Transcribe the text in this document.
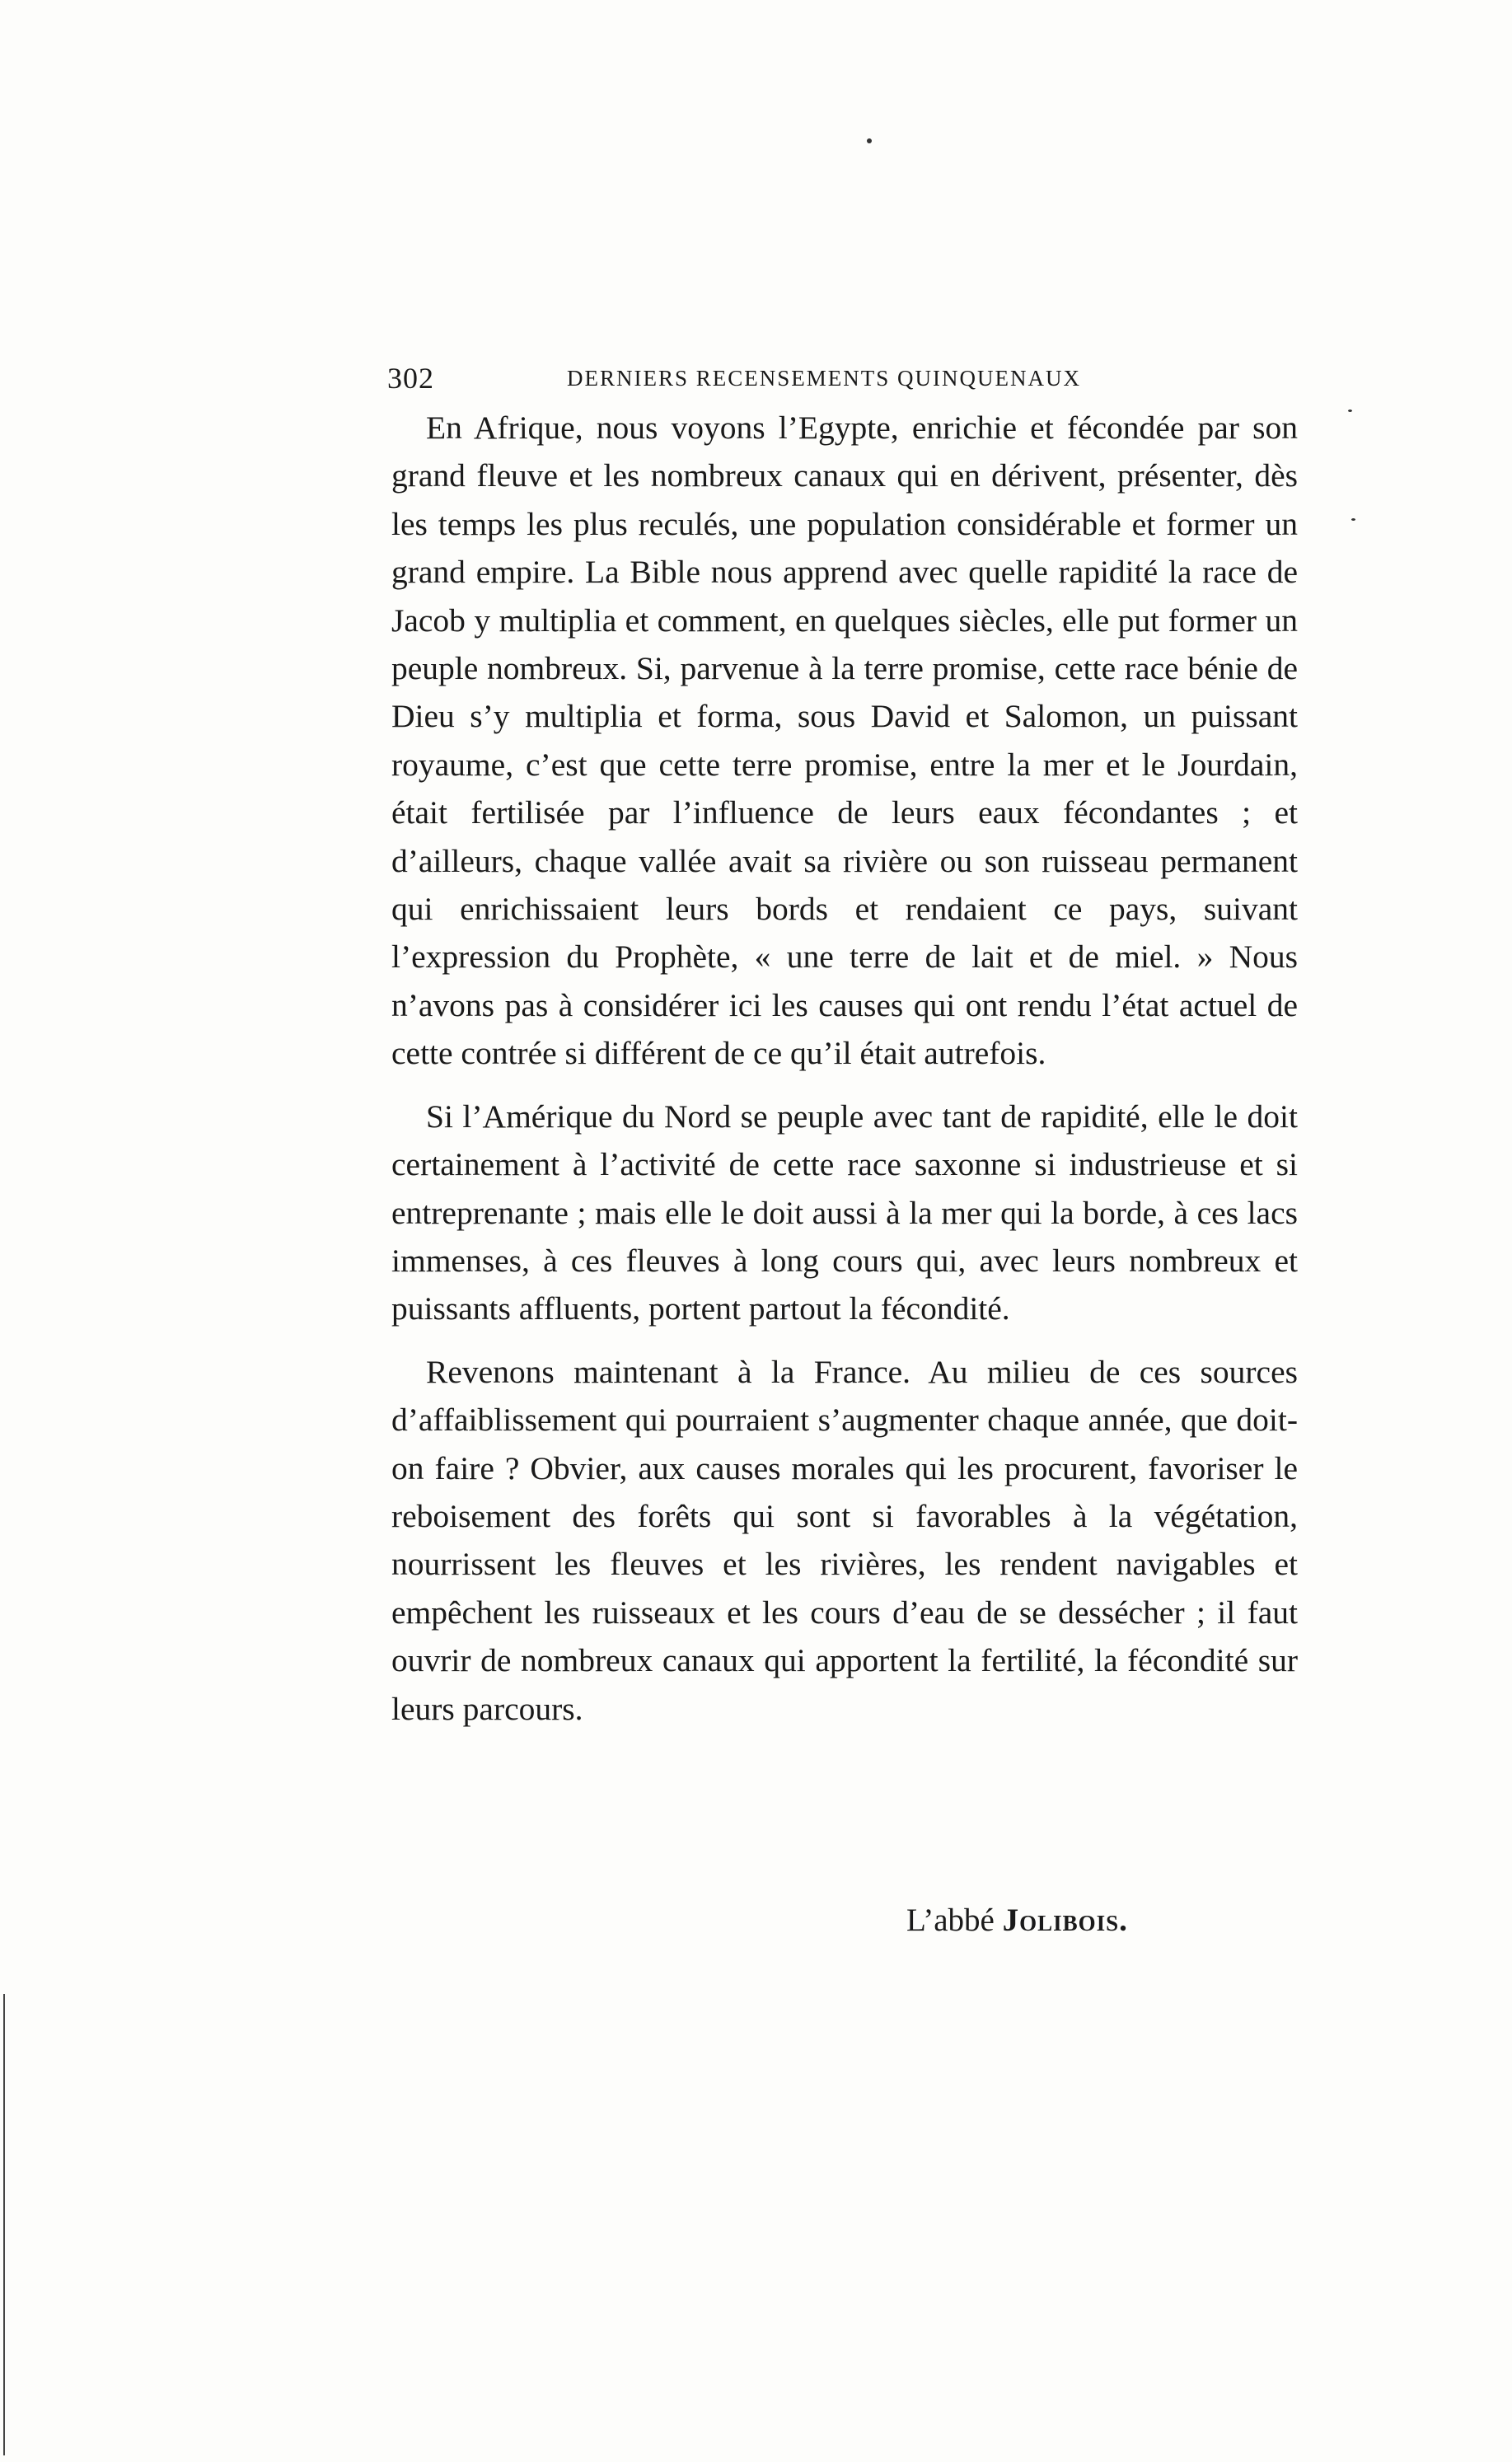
302	DERNIERS RECENSEMENTS QUINQUENAUX

En Afrique, nous voyons l’Egypte, enrichie et fécondée par son grand fleuve et les nombreux canaux qui en dérivent, présenter, dès les temps les plus reculés, une population considérable et former un grand empire. La Bible nous apprend avec quelle rapidité la race de Jacob y multiplia et comment, en quelques siècles, elle put former un peuple nombreux. Si, parvenue à la terre promise, cette race bénie de Dieu s’y multiplia et forma, sous David et Salomon, un puissant royaume, c’est que cette terre promise, entre la mer et le Jourdain, était fertilisée par l’influence de leurs eaux fécondantes ; et d’ailleurs, chaque vallée avait sa rivière ou son ruisseau permanent qui enrichissaient leurs bords et rendaient ce pays, suivant l’expression du Prophète, « une terre de lait et de miel. » Nous n’avons pas à considérer ici les causes qui ont rendu l’état actuel de cette contrée si différent de ce qu’il était autrefois.

Si l’Amérique du Nord se peuple avec tant de rapidité, elle le doit certainement à l’activité de cette race saxonne si industrieuse et si entreprenante ; mais elle le doit aussi à la mer qui la borde, à ces lacs immenses, à ces fleuves à long cours qui, avec leurs nombreux et puissants affluents, portent partout la fécondité.

Revenons maintenant à la France. Au milieu de ces sources d’affaiblissement qui pourraient s’augmenter chaque année, que doit-on faire ? Obvier, aux causes morales qui les procurent, favoriser le reboisement des forêts qui sont si favorables à la végétation, nourrissent les fleuves et les rivières, les rendent navigables et empêchent les ruisseaux et les cours d’eau de se dessécher ; il faut ouvrir de nombreux canaux qui apportent la fertilité, la fécondité sur leurs parcours.

L’abbé Jolibois.
